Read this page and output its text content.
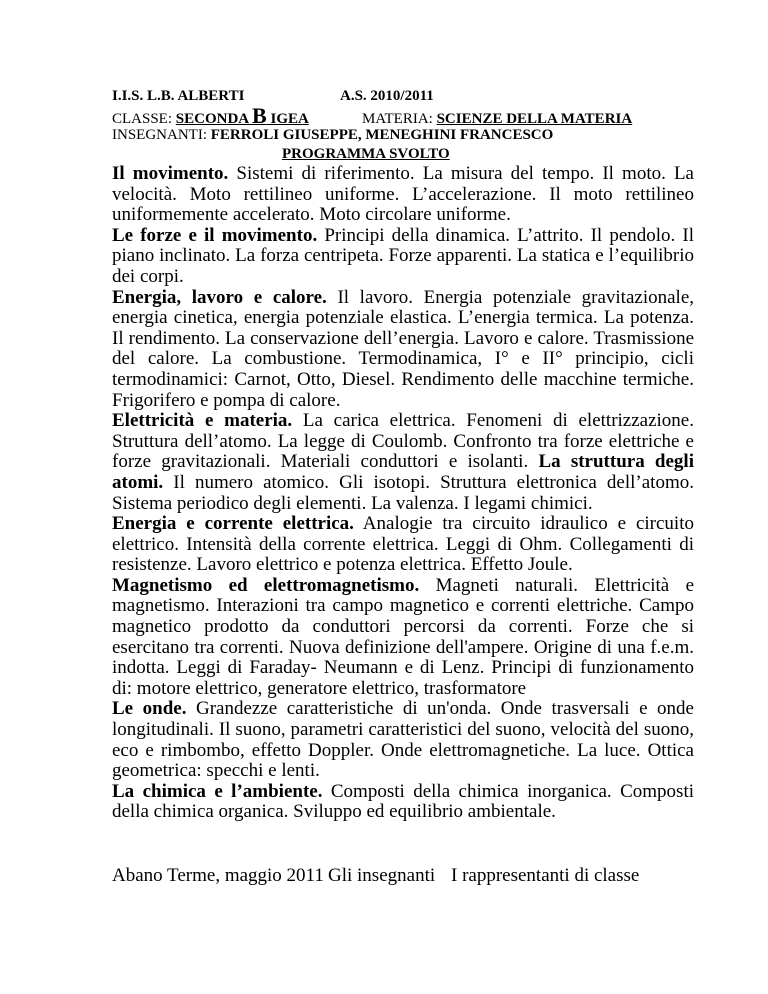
I.I.S. L.B. ALBERTI	A.S. 2010/2011
CLASSE: SECONDA B IGEA	MATERIA: SCIENZE DELLA MATERIA
INSEGNANTI: FERROLI GIUSEPPE, MENEGHINI FRANCESCO
PROGRAMMA SVOLTO

Il movimento. Sistemi di riferimento. La misura del tempo. Il moto. La velocità. Moto rettilineo uniforme. L’accelerazione. Il moto rettilineo uniformemente accelerato. Moto circolare uniforme.

Le forze e il movimento. Principi della dinamica. L’attrito. Il pendolo. Il piano inclinato. La forza centripeta. Forze apparenti. La statica e l’equilibrio dei corpi.

Energia, lavoro e calore. Il lavoro. Energia potenziale gravitazionale, energia cinetica, energia potenziale elastica. L’energia termica. La potenza. Il rendimento. La conservazione dell’energia. Lavoro e calore. Trasmissione del calore. La combustione. Termodinamica, I° e II° principio, cicli termodinamici: Carnot, Otto, Diesel. Rendimento delle macchine termiche. Frigorifero e pompa di calore.

Elettricità e materia. La carica elettrica. Fenomeni di elettrizzazione. Struttura dell’atomo. La legge di Coulomb. Confronto tra forze elettriche e forze gravitazionali. Materiali conduttori e isolanti. La struttura degli atomi. Il numero atomico. Gli isotopi. Struttura elettronica dell’atomo. Sistema periodico degli elementi. La valenza. I legami chimici.

Energia e corrente elettrica. Analogie tra circuito idraulico e circuito elettrico. Intensità della corrente elettrica. Leggi di Ohm. Collegamenti di resistenze. Lavoro elettrico e potenza elettrica. Effetto Joule.

Magnetismo ed elettromagnetismo. Magneti naturali. Elettricità e magnetismo. Interazioni tra campo magnetico e correnti elettriche. Campo magnetico prodotto da conduttori percorsi da correnti. Forze che si esercitano tra correnti. Nuova definizione dell'ampere. Origine di una f.e.m. indotta. Leggi di Faraday- Neumann e di Lenz. Principi di funzionamento di: motore elettrico, generatore elettrico, trasformatore

Le onde. Grandezze caratteristiche di un'onda. Onde trasversali e onde longitudinali. Il suono, parametri caratteristici del suono, velocità del suono, eco e rimbombo, effetto Doppler. Onde elettromagnetiche. La luce. Ottica geometrica: specchi e lenti.

La chimica e l’ambiente. Composti della chimica inorganica. Composti della chimica organica. Sviluppo ed equilibrio ambientale.

Abano Terme, maggio 2011 Gli insegnanti I rappresentanti di classe
